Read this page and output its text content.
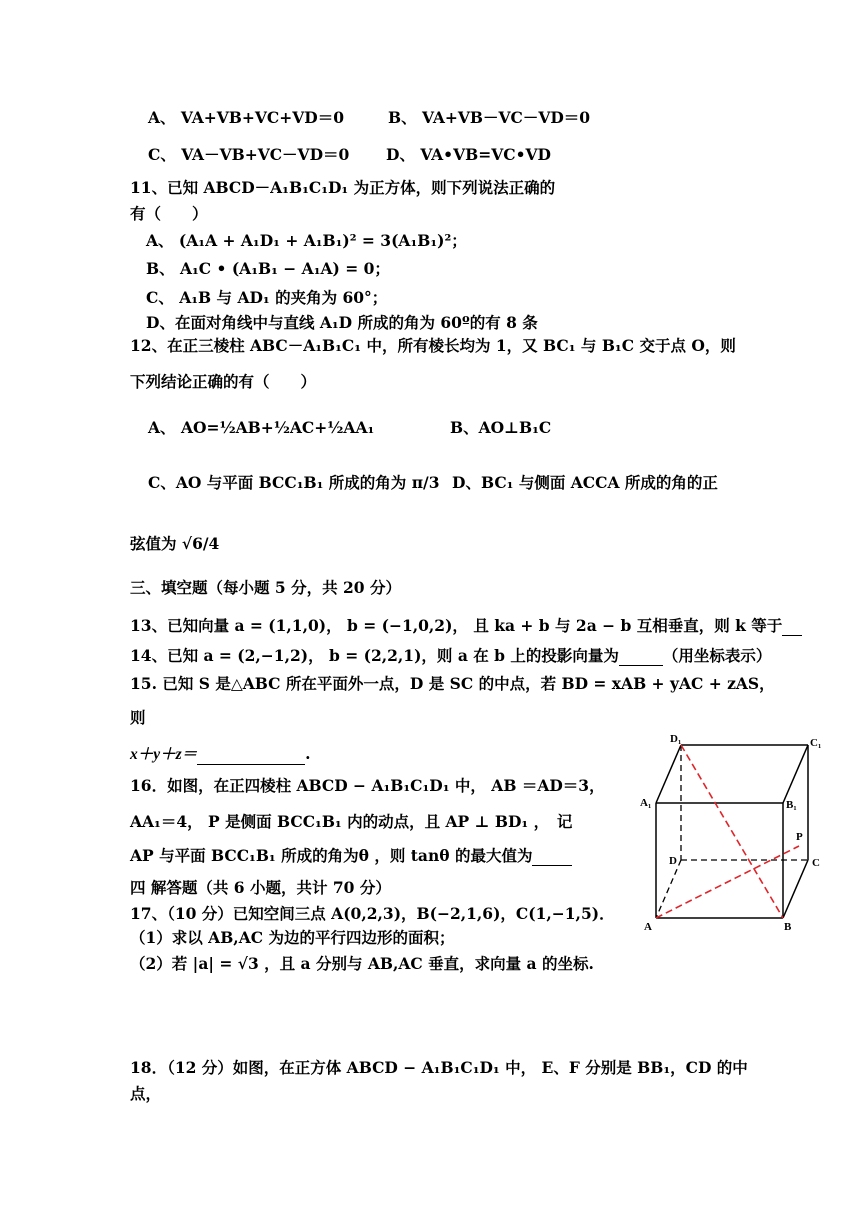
A、 VA+VB+VC+VD＝0	B、 VA+VB－VC－VD＝0
C、 VA－VB+VC－VD＝0 D、 VA•VB=VC•VD
11、已知 ABCD－A₁B₁C₁D₁ 为正方体，则下列说法正确的
有（　　）
A、 (A₁A + A₁D₁ + A₁B₁)² = 3(A₁B₁)²；
B、 A₁C • (A₁B₁ − A₁A) = 0；
C、 A₁B 与 AD₁ 的夹角为 60°；
D、在面对角线中与直线 A₁D 所成的角为 60º的有 8 条
12、在正三棱柱 ABC－A₁B₁C₁ 中，所有棱长均为 1，又 BC₁ 与 B₁C 交于点 O，则
下列结论正确的有（　　）
A、 AO=½AB+½AC+½AA₁	B、AO⊥B₁C
C、AO 与平面 BCC₁B₁ 所成的角为 π/3 D、BC₁ 与侧面 ACCA 所成的角的正
弦值为 √6/4
三、填空题（每小题 5 分，共 20 分）
13、已知向量 a = (1,1,0)， b = (−1,0,2)， 且 ka + b 与 2a − b 互相垂直，则 k 等于
14、已知 a = (2,−1,2)， b = (2,2,1)，则 a 在 b 上的投影向量为	（用坐标表示）
15. 已知 S 是△ABC 所在平面外一点，D 是 SC 的中点，若 BD = xAB + yAC + zAS，
则
x＋y＋z＝	.
16．如图，在正四棱柱 ABCD − A₁B₁C₁D₁ 中， AB ＝AD＝3，
AA₁＝4， P 是侧面 BCC₁B₁ 内的动点，且 AP ⊥ BD₁ ，　记
AP 与平面 BCC₁B₁ 所成的角为θ ，则 tanθ 的最大值为
四 解答题（共 6 小题，共计 70 分）
17、（10 分）已知空间三点 A(0,2,3)，B(−2,1,6)，C(1,−1,5)．
（1）求以 AB,AC 为边的平行四边形的面积；
（2）若 |a| = √3 ，且 a 分别与 AB,AC 垂直，求向量 a 的坐标.
18．（12 分）如图，在正方体 ABCD − A₁B₁C₁D₁ 中， E、F 分别是 BB₁，CD 的中
点，
D₁	C₁
A₁	B₁
D	C
P
A	B
